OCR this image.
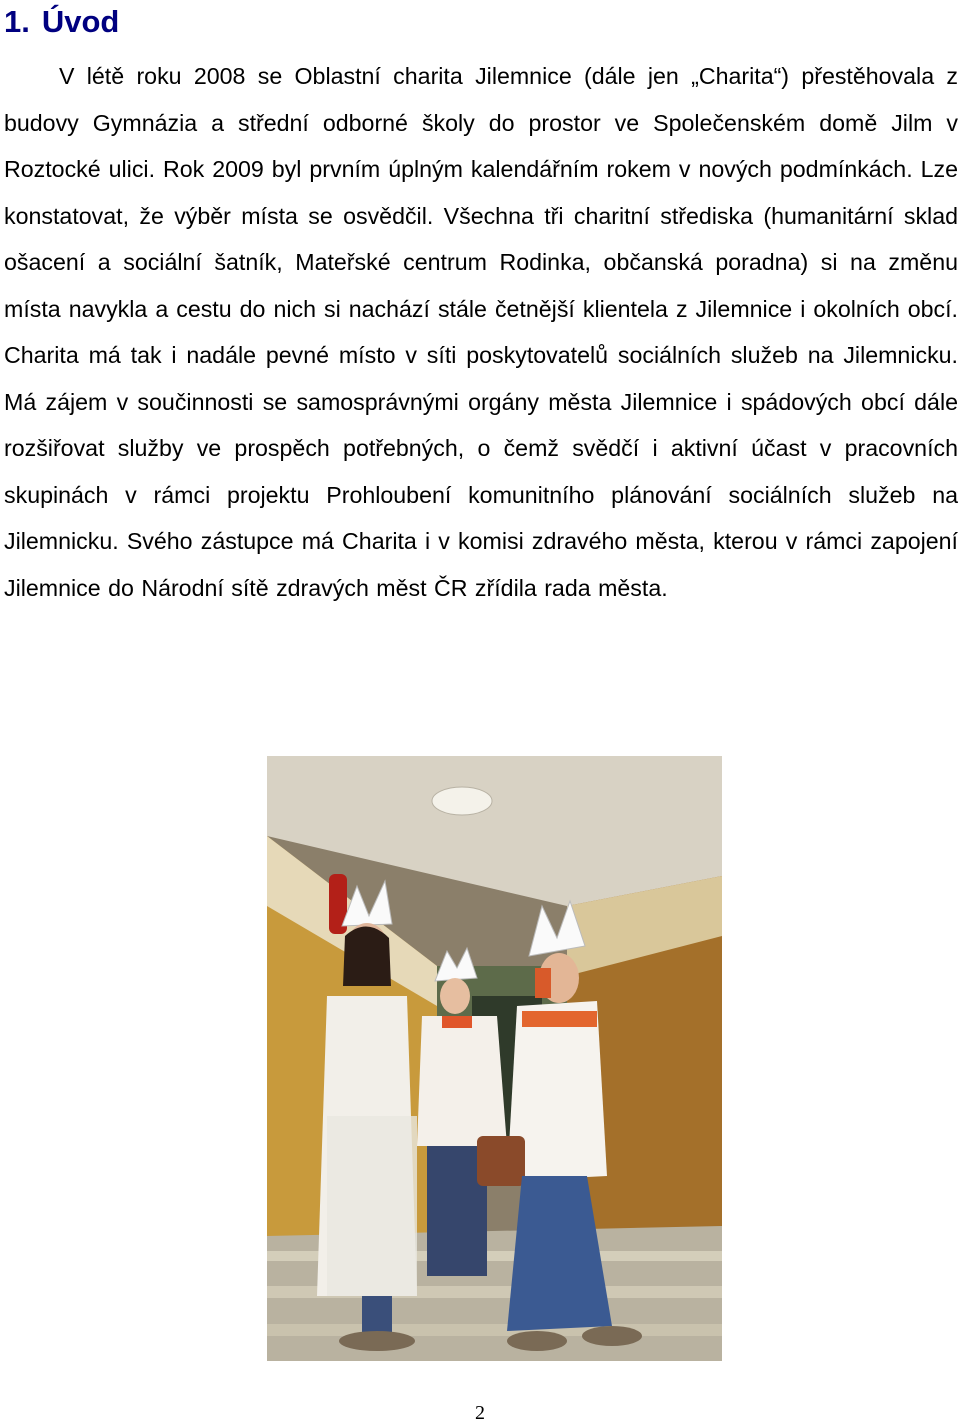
1. Úvod

V létě roku 2008 se Oblastní charita Jilemnice (dále jen „Charita“) přestěhovala z budovy Gymnázia a střední odborné školy do prostor ve Společenském domě Jilm v Roztocké ulici. Rok 2009 byl prvním úplným kalendářním rokem v nových podmínkách. Lze konstatovat, že výběr místa se osvědčil. Všechna tři charitní střediska (humanitární sklad ošacení a sociální šatník, Mateřské centrum Rodinka, občanská poradna) si na změnu místa navykla a cestu do nich si nachází stále četnější klientela z Jilemnice i okolních obcí. Charita má tak i nadále pevné místo v síti poskytovatelů sociálních služeb na Jilemnicku. Má zájem v součinnosti se samosprávnými orgány města Jilemnice i spádových obcí dále rozšiřovat služby ve prospěch potřebných, o čemž svědčí i aktivní účast v pracovních skupinách v rámci projektu Prohloubení komunitního plánování sociálních služeb na Jilemnicku. Svého zástupce má Charita i v komisi zdravého města, kterou v rámci zapojení Jilemnice do Národní sítě zdravých měst ČR zřídila rada města.

2
